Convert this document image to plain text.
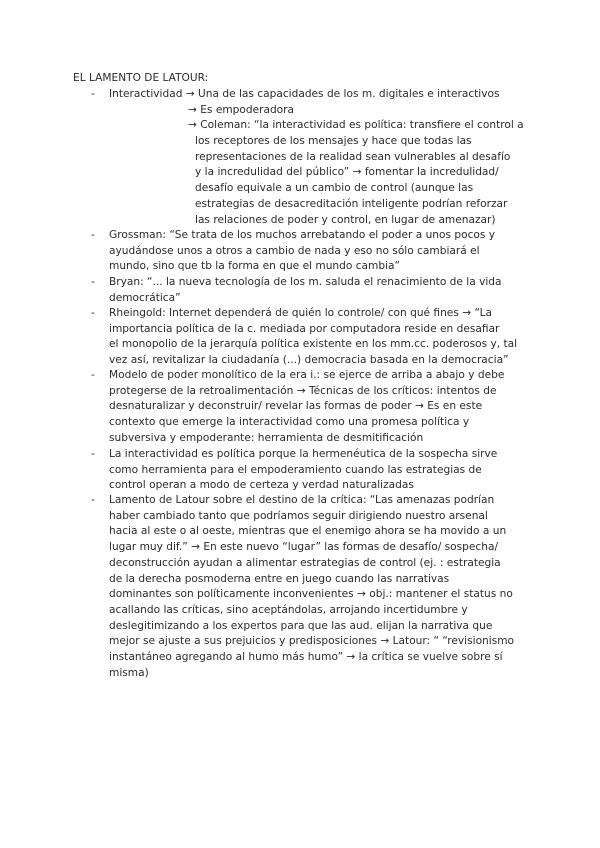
EL LAMENTO DE LATOUR:
-	Interactividad → Una de las capacidades de los m. digitales e interactivos
→ Es empoderadora
→ Coleman: “la interactividad es política: transfiere el control a
los receptores de los mensajes y hace que todas las
representaciones de la realidad sean vulnerables al desafío
y la incredulidad del público” → fomentar la incredulidad/
desafío equivale a un cambio de control (aunque las
estrategias de desacreditación inteligente podrían reforzar
las relaciones de poder y control, en lugar de amenazar)
-	Grossman: “Se trata de los muchos arrebatando el poder a unos pocos y
ayudándose unos a otros a cambio de nada y eso no sólo cambiará el
mundo, sino que tb la forma en que el mundo cambia”
-	Bryan: “... la nueva tecnología de los m. saluda el renacimiento de la vida
democrática”
-	Rheingold: Internet dependerá de quién lo controle/ con qué fines → “La
importancia política de la c. mediada por computadora reside en desafiar
el monopolio de la jerarquía política existente en los mm.cc. poderosos y, tal
vez así, revitalizar la ciudadanía (...) democracia basada en la democracia”
-	Modelo de poder monolítico de la era i.: se ejerce de arriba a abajo y debe
protegerse de la retroalimentación → Técnicas de los críticos: intentos de
desnaturalizar y deconstruir/ revelar las formas de poder → Es en este
contexto que emerge la interactividad como una promesa política y
subversiva y empoderante: herramienta de desmitificación
-	La interactividad es política porque la hermenéutica de la sospecha sirve
como herramienta para el empoderamiento cuando las estrategias de
control operan a modo de certeza y verdad naturalizadas
-	Lamento de Latour sobre el destino de la crítica: “Las amenazas podrían
haber cambiado tanto que podríamos seguir dirigiendo nuestro arsenal
hacia al este o al oeste, mientras que el enemigo ahora se ha movido a un
lugar muy dif.” → En este nuevo “lugar” las formas de desafío/ sospecha/
deconstrucción ayudan a alimentar estrategias de control (ej. : estrategia
de la derecha posmoderna entre en juego cuando las narrativas
dominantes son políticamente inconvenientes → obj.: mantener el status no
acallando las críticas, sino aceptándolas, arrojando incertidumbre y
deslegitimizando a los expertos para que las aud. elijan la narrativa que
mejor se ajuste a sus prejuicios y predisposiciones → Latour: “ “revisionismo
instantáneo agregando al humo más humo” → la crítica se vuelve sobre sí
misma)
